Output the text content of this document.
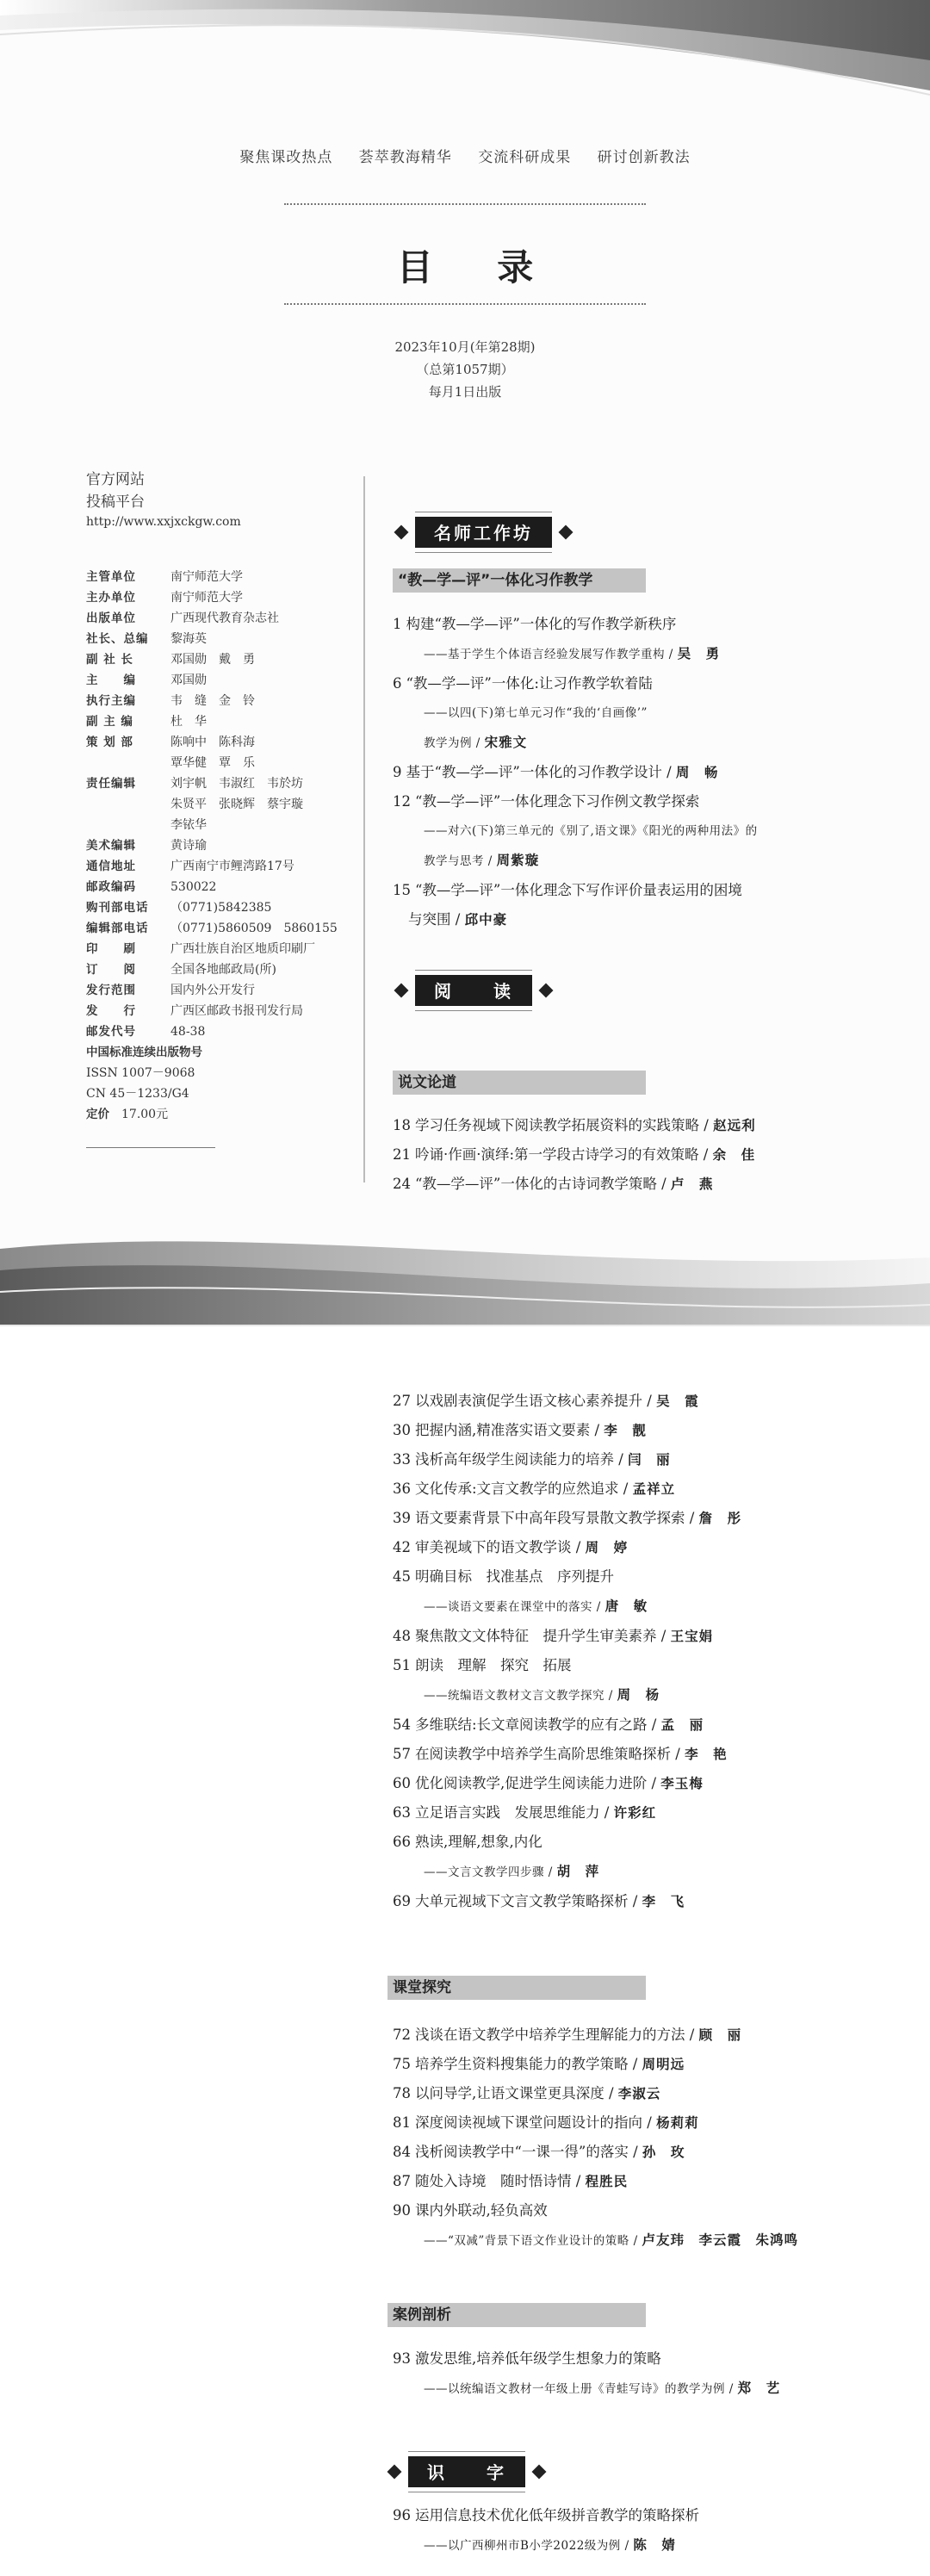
聚焦课改热点 荟萃教海精华 交流科研成果 研讨创新教法
目 录
2023年10月(年第28期)
（总第1057期）
每月1日出版
官方网站
投稿平台
http://www.xxjxckgw.com
主管单位	南宁师范大学
主办单位	南宁师范大学
出版单位	广西现代教育杂志社
社长、总编	黎海英
副 社 长	邓国勋　戴　勇
主　　编	邓国勋
执行主编	韦　缝　金　铃
副 主 编	杜　华
策 划 部	陈响中　陈科海
覃华健　覃　乐
责任编辑	刘宇帆　韦淑红　韦於坊
朱贤平　张晓辉　蔡宇璇
李铱华
美术编辑	黄诗瑜
通信地址	广西南宁市鲤湾路17号
邮政编码	530022
购刊部电话	（0771)5842385
编辑部电话	（0771)5860509　5860155
印　　刷	广西壮族自治区地质印刷厂
订　　阅	全国各地邮政局(所)
发行范围	国内外公开发行
发　　行	广西区邮政书报刊发行局
邮发代号	48-38
中国标准连续出版物号
ISSN 1007－9068
CN 45－1233/G4
定价 17.00元
名师工作坊
“教—学—评”一体化习作教学
1 构建“教—学—评”一体化的写作教学新秩序
——基于学生个体语言经验发展写作教学重构 / 吴　勇
6 “教—学—评”一体化:让习作教学软着陆
——以四(下)第七单元习作“我的‘自画像’”
教学为例 / 宋雅文
9 基于“教—学—评”一体化的习作教学设计 / 周　畅
12 “教—学—评”一体化理念下习作例文教学探索
——对六(下)第三单元的《别了,语文课》《阳光的两种用法》的
教学与思考 / 周紫璇
15 “教—学—评”一体化理念下写作评价量表运用的困境
与突围 / 邱中豪
阅　　读
说文论道
18 学习任务视域下阅读教学拓展资料的实践策略 / 赵远利
21 吟诵·作画·演绎:第一学段古诗学习的有效策略 / 余　佳
24 “教—学—评”一体化的古诗词教学策略 / 卢　燕
27 以戏剧表演促学生语文核心素养提升 / 吴　霞
30 把握内涵,精准落实语文要素 / 李　靓
33 浅析高年级学生阅读能力的培养 / 闫　丽
36 文化传承:文言文教学的应然追求 / 孟祥立
39 语文要素背景下中高年段写景散文教学探索 / 詹　彤
42 审美视域下的语文教学谈 / 周　婷
45 明确目标　找准基点　序列提升
——谈语文要素在课堂中的落实 / 唐　敏
48 聚焦散文文体特征　提升学生审美素养 / 王宝娟
51 朗读　理解　探究　拓展
——统编语文教材文言文教学探究 / 周　杨
54 多维联结:长文章阅读教学的应有之路 / 孟　丽
57 在阅读教学中培养学生高阶思维策略探析 / 李　艳
60 优化阅读教学,促进学生阅读能力进阶 / 李玉梅
63 立足语言实践　发展思维能力 / 许彩红
66 熟读,理解,想象,内化
——文言文教学四步骤 / 胡　萍
69 大单元视域下文言文教学策略探析 / 李　飞
课堂探究
72 浅谈在语文教学中培养学生理解能力的方法 / 顾　丽
75 培养学生资料搜集能力的教学策略 / 周明远
78 以问导学,让语文课堂更具深度 / 李淑云
81 深度阅读视域下课堂问题设计的指向 / 杨莉莉
84 浅析阅读教学中“一课一得”的落实 / 孙　玫
87 随处入诗境　随时悟诗情 / 程胜民
90 课内外联动,轻负高效
——“双减”背景下语文作业设计的策略 / 卢友玮　李云霞　朱鸿鸣
案例剖析
93 激发思维,培养低年级学生想象力的策略
——以统编语文教材一年级上册《青蛙写诗》的教学为例 / 郑　艺
识　　字
96 运用信息技术优化低年级拼音教学的策略探析
——以广西柳州市B小学2022级为例 / 陈　婧
